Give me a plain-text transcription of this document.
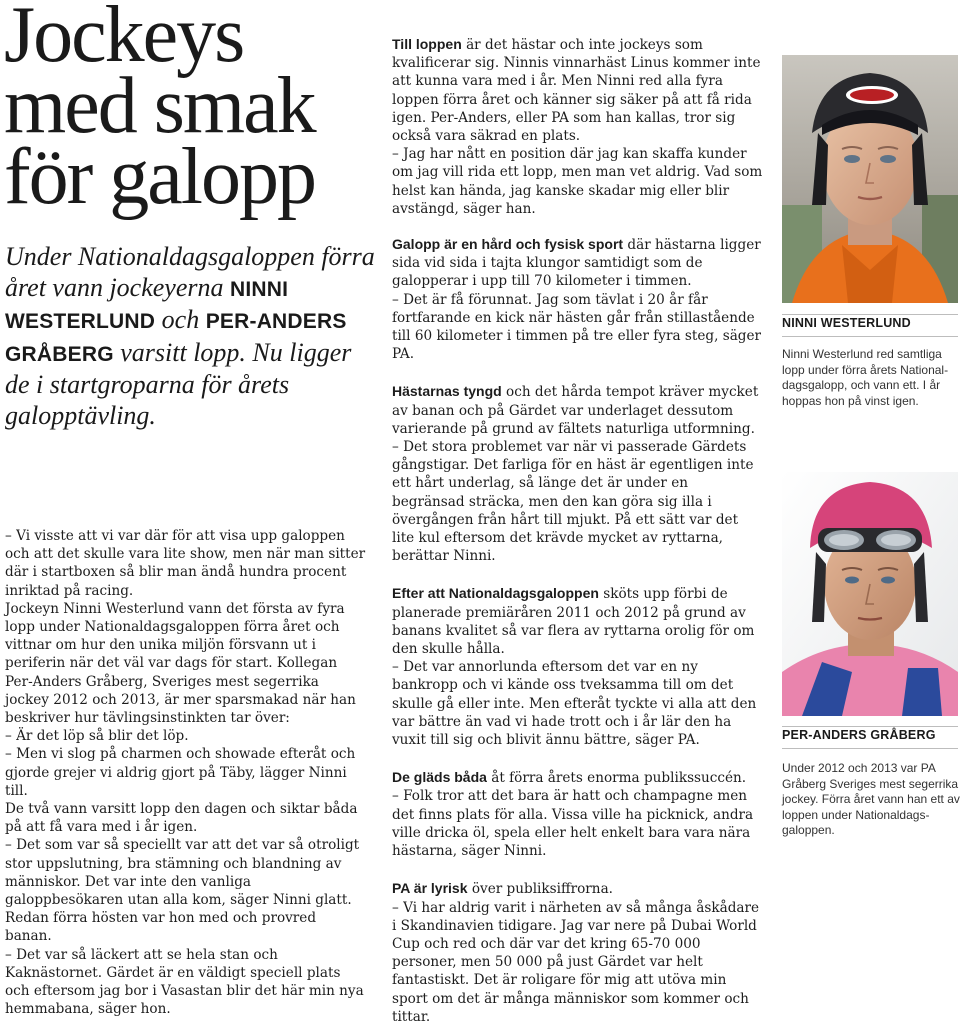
Jockeys
med smak
för galopp
Under Nationaldagsgaloppen förra året vann jockeyerna NINNI WESTERLUND och PER-ANDERS GRÅBERG varsitt lopp. Nu ligger de i startgroparna för årets galopptävling.

– Vi visste att vi var där för att visa upp galoppen och att det skulle vara lite show, men när man sitter där i startboxen så blir man ändå hundra procent inriktad på racing.

Jockeyn Ninni Westerlund vann det första av fyra lopp under Nationaldagsgaloppen förra året och vittnar om hur den unika miljön försvann ut i periferin när det väl var dags för start. Kollegan Per-Anders Gråberg, Sveriges mest segerrika jockey 2012 och 2013, är mer sparsmakad när han beskriver hur tävlingsinstinkten tar över:

– Är det löp så blir det löp.

– Men vi slog på charmen och showade efteråt och gjorde grejer vi aldrig gjort på Täby, lägger Ninni till.

De två vann varsitt lopp den dagen och siktar båda på att få vara med i år igen.

– Det som var så speciellt var att det var så otroligt stor uppslutning, bra stämning och blandning av människor. Det var inte den vanliga galoppbesökaren utan alla kom, säger Ninni glatt.

Redan förra hösten var hon med och provred banan.

– Det var så läckert att se hela stan och Kaknästornet. Gärdet är en väldigt speciell plats och eftersom jag bor i Vasastan blir det här min nya hemmabana, säger hon.

Till loppen är det hästar och inte jockeys som kvalificerar sig. Ninnis vinnarhäst Linus kommer inte att kunna vara med i år. Men Ninni red alla fyra loppen förra året och känner sig säker på att få rida igen. Per-Anders, eller PA som han kallas, tror sig också vara säkrad en plats.

– Jag har nått en position där jag kan skaffa kunder om jag vill rida ett lopp, men man vet aldrig. Vad som helst kan hända, jag kanske skadar mig eller blir avstängd, säger han.

Galopp är en hård och fysisk sport där hästarna ligger sida vid sida i tajta klungor samtidigt som de galopperar i upp till 70 kilometer i timmen.

– Det är få förunnat. Jag som tävlat i 20 år får fortfarande en kick när hästen går från stillastående till 60 kilometer i timmen på tre eller fyra steg, säger PA.

Hästarnas tyngd och det hårda tempot kräver mycket av banan och på Gärdet var underlaget dessutom varierande på grund av fältets naturliga utformning.

– Det stora problemet var när vi passerade Gärdets gångstigar. Det farliga för en häst är egentligen inte ett hårt underlag, så länge det är under en begränsad sträcka, men den kan göra sig illa i övergången från hårt till mjukt. På ett sätt var det lite kul eftersom det krävde mycket av ryttarna, berättar Ninni.

Efter att Nationaldagsgaloppen sköts upp förbi de planerade premiäråren 2011 och 2012 på grund av banans kvalitet så var flera av ryttarna orolig för om den skulle hålla.

– Det var annorlunda eftersom det var en ny bankropp och vi kände oss tveksamma till om det skulle gå eller inte. Men efteråt tyckte vi alla att den var bättre än vad vi hade trott och i år lär den ha vuxit till sig och blivit ännu bättre, säger PA.

De gläds båda åt förra årets enorma publikssuccén.

– Folk tror att det bara är hatt och champagne men det finns plats för alla. Vissa ville ha picknick, andra ville dricka öl, spela eller helt enkelt bara vara nära hästarna, säger Ninni.

PA är lyrisk över publiksiffrorna.

– Vi har aldrig varit i närheten av så många åskådare i Skandinavien tidigare. Jag var nere på Dubai World Cup och red och där var det kring 65-70 000 personer, men 50 000 på just Gärdet var helt fantastiskt. Det är roligare för mig att utöva min sport om det är många människor som kommer och tittar.

NINNI WESTERLUND
Ninni Westerlund red samtliga lopp under förra årets Nationaldagsgalopp, och vann ett. I år hoppas hon på vinst igen.
PER-ANDERS GRÅBERG
Under 2012 och 2013 var PA Gråberg Sveriges mest segerrika jockey. Förra året vann han ett av loppen under Nationaldagsgaloppen.
